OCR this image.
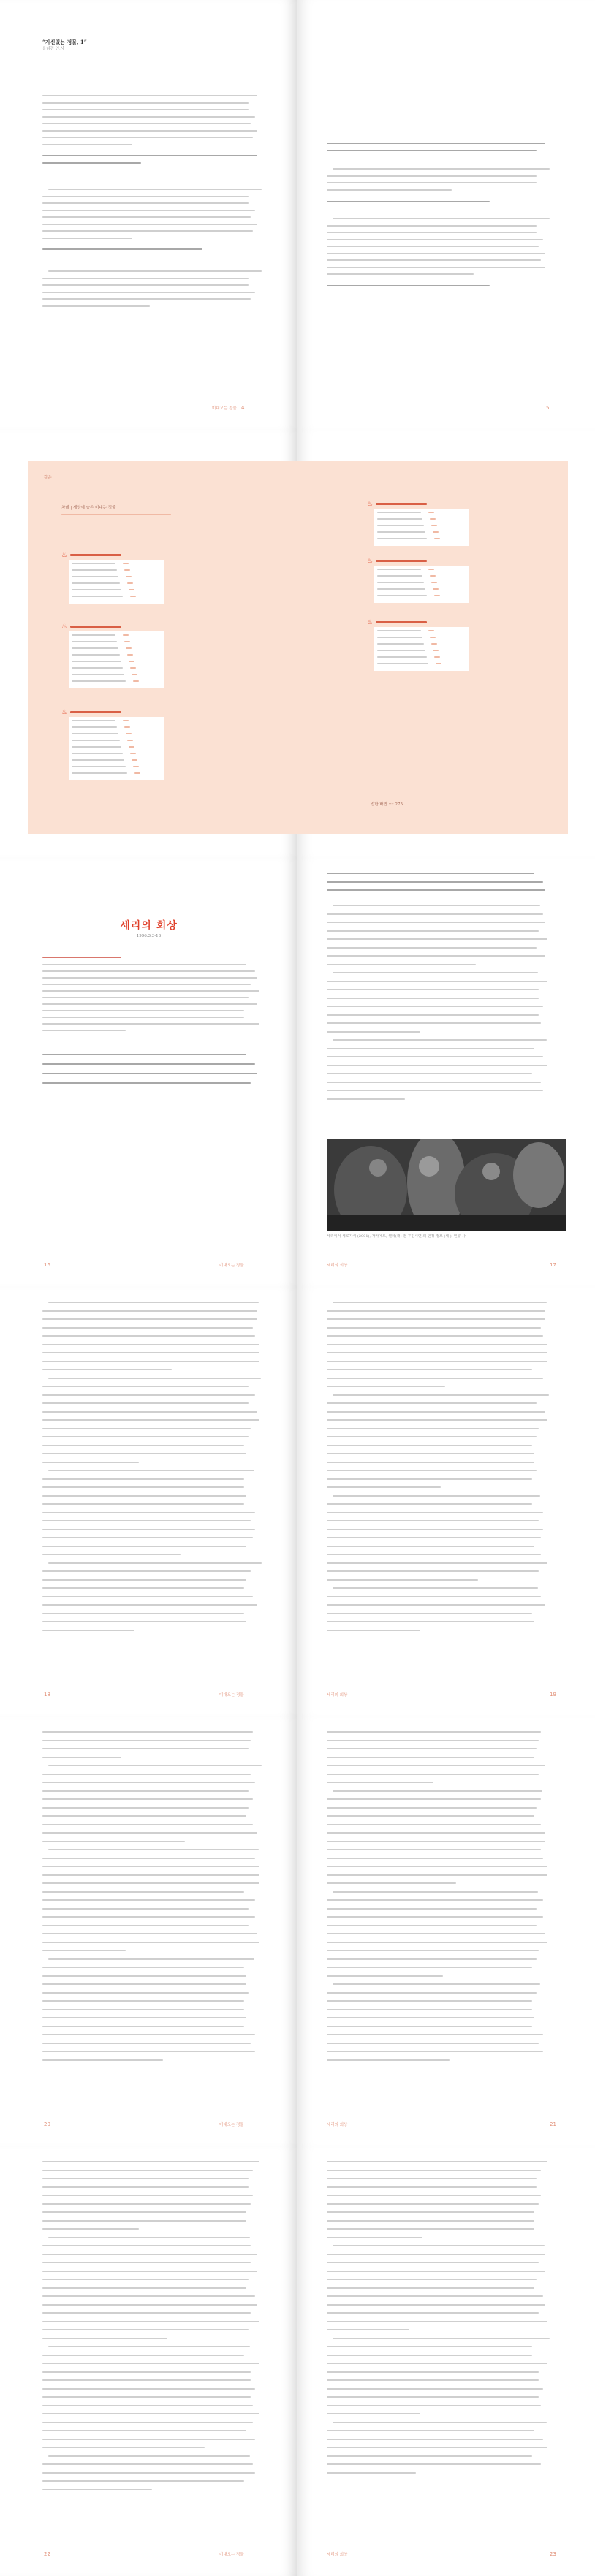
“자신있는 정물, 1”
을라진 인,사
미대오는 정물 4	5
같은
차례 | 세상에 숨은 미대는 정물
♨
♨
♨
♨
♨
♨
전한 배반 ···· 275
세리의 회상
1996.3.3-13
미대오는 정물
16
세리에서 세로자서 (2001), 자바에트, 셀레(캐) 전 구민시연 의 인정 정보 (세 ), 인류 사
세리의 회상	17
미대오는 정물
18	세리의 회상	19
미대오는 정물
20	세리의 회상	21
미대오는 정물
22	세리의 회상	23
